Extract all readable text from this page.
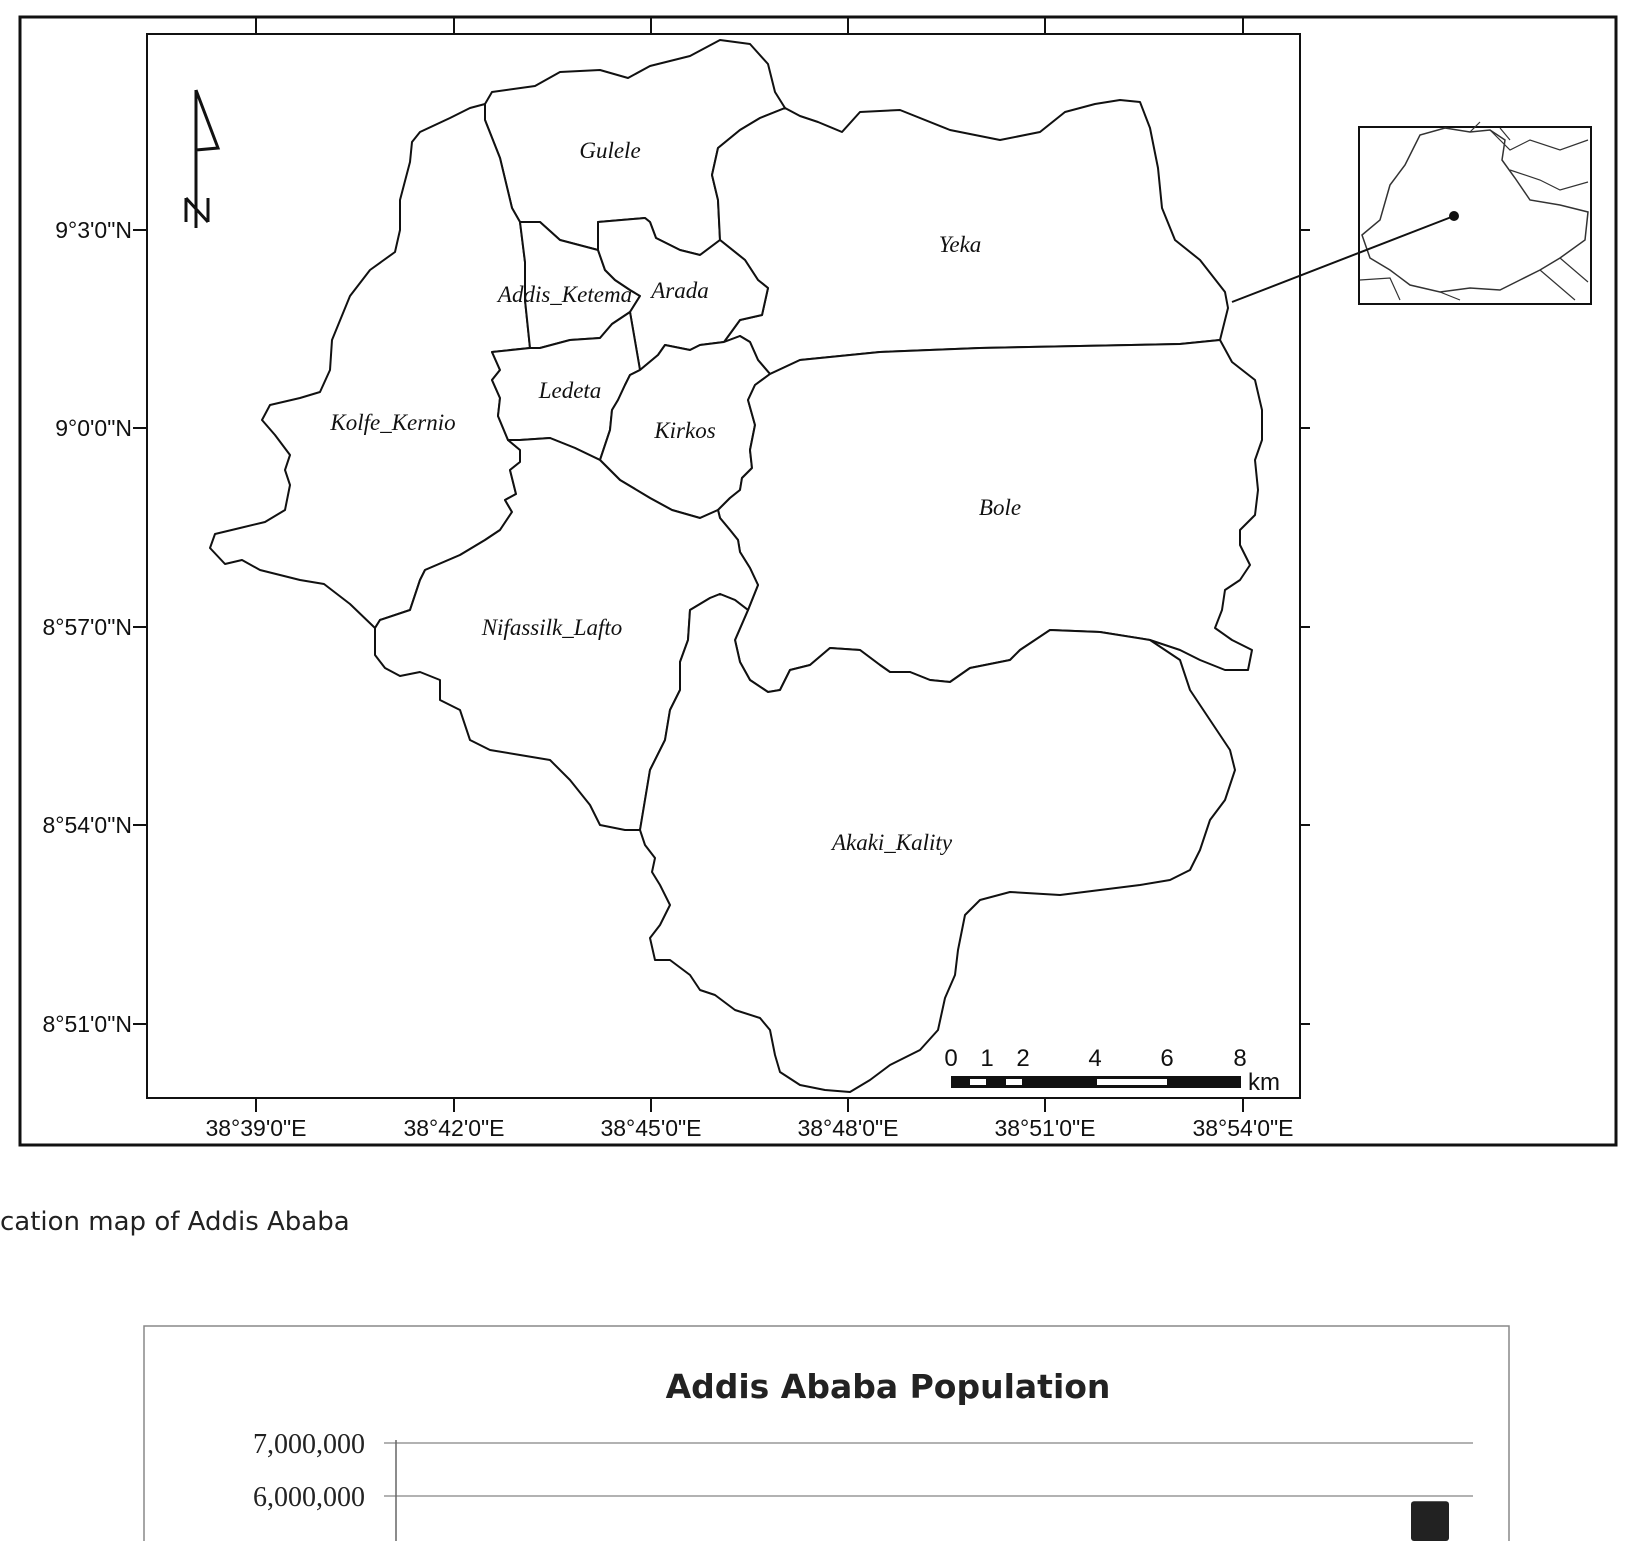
9°3'0"N
9°0'0"N
8°57'0"N
8°54'0"N
8°51'0"N
38°39'0"E	38°42'0"E	38°45'0"E	38°48'0"E	38°51'0"E	38°54'0"E
Gulele
Yeka
Addis_Ketema Arada
Ledeta
Kolfe_Kernio	Kirkos
Bole
Nifassilk_Lafto
Akaki_Kality
0 1 2 4 6 8
km
cation map of Addis Ababa
Addis Ababa Population
7,000,000
6,000,000
